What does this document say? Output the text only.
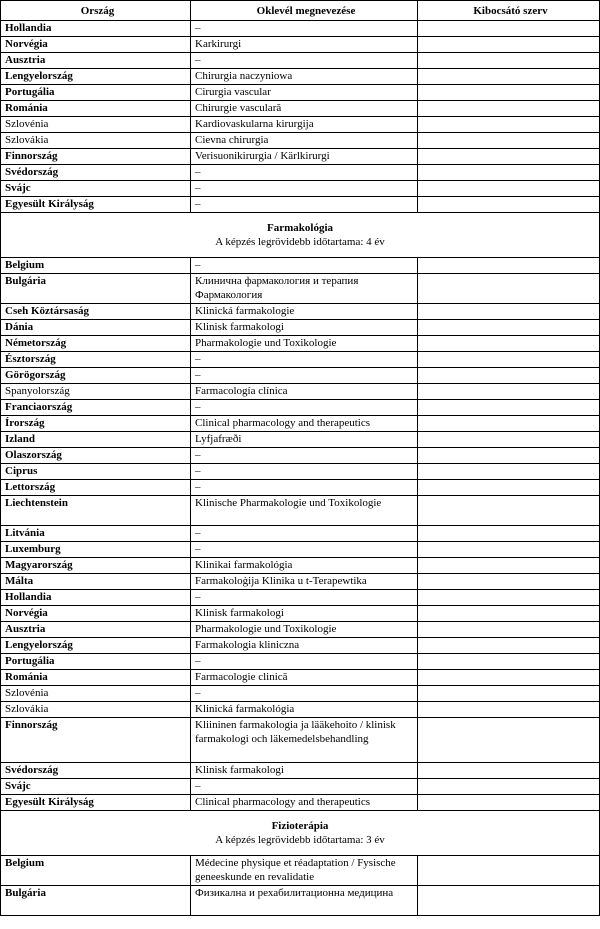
Ország	Oklevél megnevezése	Kibocsátó szerv
Hollandia	–	
Norvégia	Karkirurgi	
Ausztria	–	
Lengyelország	Chirurgia naczyniowa	
Portugália	Cirurgia vascular	
Románia	Chirurgie vasculară	
Szlovénia	Kardiovaskularna kirurgija	
Szlovákia	Cievna chirurgia	
Finnország	Verisuonikirurgia / Kärlkirurgi	
Svédország	–	
Svájc	–	
Egyesült Királyság	–	

Farmakológia
A képzés legrövidebb időtartama: 4 év		

Belgium	–	
Bulgária	Клинична фармакология и терапия Фармакология	
Cseh Köztársaság	Klinická farmakologie	
Dánia	Klinisk farmakologi	
Németország	Pharmakologie und Toxikologie	
Észtország	–	
Görögország	–	
Spanyolország	Farmacología clínica	
Franciaország	–	
Írország	Clinical pharmacology and therapeutics	
Izland	Lyfjafræði	
Olaszország	–	
Ciprus	–	
Lettország	–	
Liechtenstein	Klinische Pharmakologie und Toxikologie	
Litvánia	–	
Luxemburg	–	
Magyarország	Klinikai farmakológia	
Málta	Farmakoloġija Klinika u t-Terapewtika	
Hollandia	–	
Norvégia	Klinisk farmakologi	
Ausztria	Pharmakologie und Toxikologie	
Lengyelország	Farmakologia kliniczna	
Portugália	–	
Románia	Farmacologie clinică	
Szlovénia	–	
Szlovákia	Klinická farmakológia	
Finnország	Kliininen farmakologia ja lääkehoito / klinisk farmakologi och läkemedelsbehandling	
Svédország	Klinisk farmakologi	
Svájc	–	
Egyesült Királyság	Clinical pharmacology and therapeutics	

Fizioterápia
A képzés legrövidebb időtartama: 3 év		

Belgium	Médecine physique et réadaptation / Fysische geneeskunde en revalidatie	
Bulgária	Физикална и рехабилитационна медицина	
